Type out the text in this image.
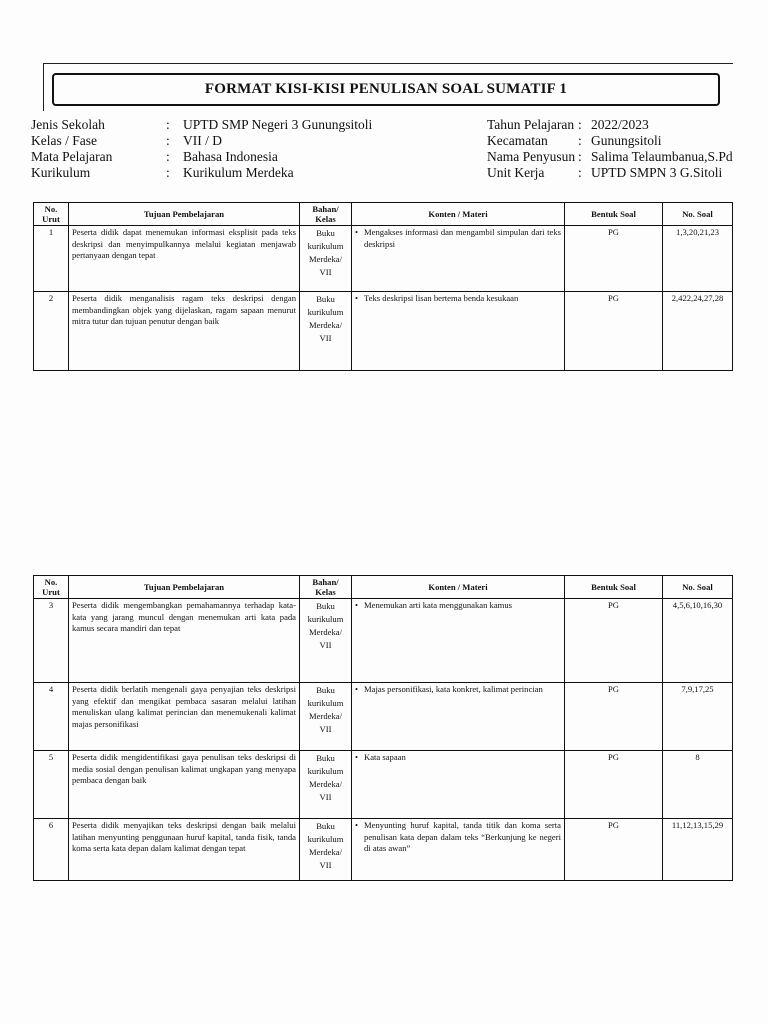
FORMAT KISI-KISI PENULISAN SOAL SUMATIF 1
Jenis Sekolah	: UPTD SMP Negeri 3 Gunungsitoli
Kelas / Fase	: VII / D
Mata Pelajaran	: Bahasa Indonesia
Kurikulum	: Kurikulum Merdeka
Tahun Pelajaran : 2022/2023
Kecamatan	: Gunungsitoli
Nama Penyusun : Salima Telaumbanua,S.Pd
Unit Kerja	: UPTD SMPN 3 G.Sitoli
No.
Urut	Tujuan Pembelajaran	Bahan/
Kelas	Konten / Materi	Bentuk Soal	No. Soal
1	Peserta didik dapat menemukan informasi eksplisit pada teks deskripsi dan menyimpulkannya melalui kegiatan menjawab pertanyaan dengan tepat	Buku
kurikulum
Merdeka/
VII	• Mengakses informasi dan mengambil simpulan dari teks deskripsi	PG	1,3,20,21,23
2	Peserta didik menganalisis ragam teks deskripsi dengan membandingkan objek yang dijelaskan, ragam sapaan menurut mitra tutur dan tujuan penutur dengan baik	Buku
kurikulum
Merdeka/
VII	• Teks deskripsi lisan bertema benda kesukaan	PG	2,422,24,27,28
No.
Urut	Tujuan Pembelajaran	Bahan/
Kelas	Konten / Materi	Bentuk Soal	No. Soal
3	Peserta didik mengembangkan pemahamannya terhadap kata-kata yang jarang muncul dengan menemukan arti kata pada kamus secara mandiri dan tepat	Buku
kurikulum
Merdeka/
VII	• Menemukan arti kata menggunakan kamus	PG	4,5,6,10,16,30
4	Peserta didik berlatih mengenali gaya penyajian teks deskripsi yang efektif dan mengikat pembaca sasaran melalui latihan menuliskan ulang kalimat perincian dan menemukenali kalimat majas personifikasi	Buku
kurikulum
Merdeka/
VII	• Majas personifikasi, kata konkret, kalimat perincian	PG	7,9,17,25
5	Peserta didik mengidentifikasi gaya penulisan teks deskripsi di media sosial dengan penulisan kalimat ungkapan yang menyapa pembaca dengan baik	Buku
kurikulum
Merdeka/
VII	• Kata sapaan	PG	8
6	Peserta didik menyajikan teks deskripsi dengan baik melalui latihan menyunting penggunaan huruf kapital, tanda fisik, tanda koma serta kata depan dalam kalimat dengan tepat	Buku
kurikulum
Merdeka/
VII	• Menyunting huruf kapital, tanda titik dan koma serta penulisan kata depan dalam teks “Berkunjung ke negeri di atas awan”	PG	11,12,13,15,29
